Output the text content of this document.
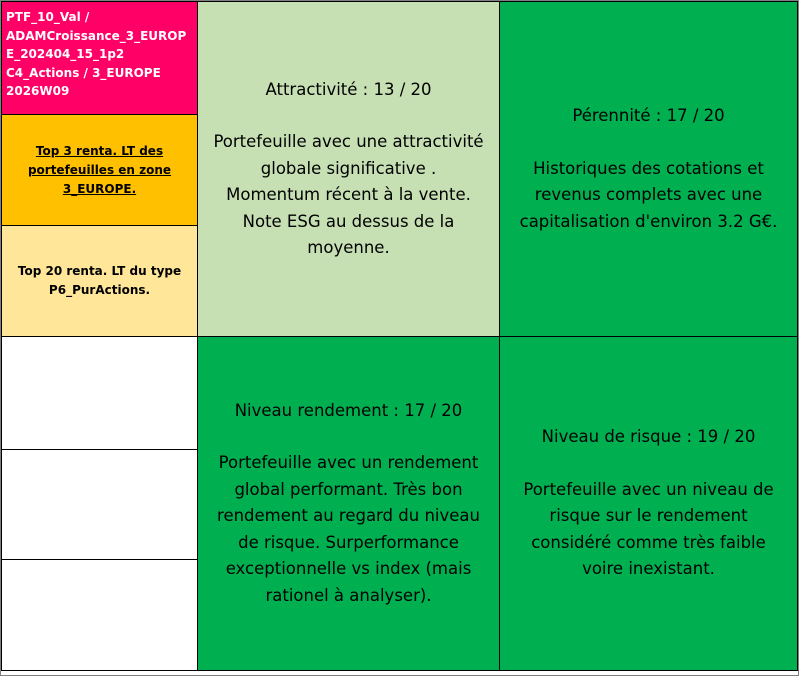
PTF_10_Val /
ADAMCroissance_3_EUROP
E_202404_15_1p2
C4_Actions / 3_EUROPE
2026W09
Top 3 renta. LT des
portefeuilles en zone
3_EUROPE.
Top 20 renta. LT du type
P6_PurActions.
Attractivité : 13 / 20
Portefeuille avec une attractivité
globale significative .
Momentum récent à la vente.
Note ESG au dessus de la
moyenne.
Pérennité : 17 / 20
Historiques des cotations et
revenus complets avec une
capitalisation d'environ 3.2 G€.
Niveau rendement : 17 / 20
Portefeuille avec un rendement
global performant. Très bon
rendement au regard du niveau
de risque. Surperformance
exceptionnelle vs index (mais
rationel à analyser).
Niveau de risque : 19 / 20
Portefeuille avec un niveau de
risque sur le rendement
considéré comme très faible
voire inexistant.
